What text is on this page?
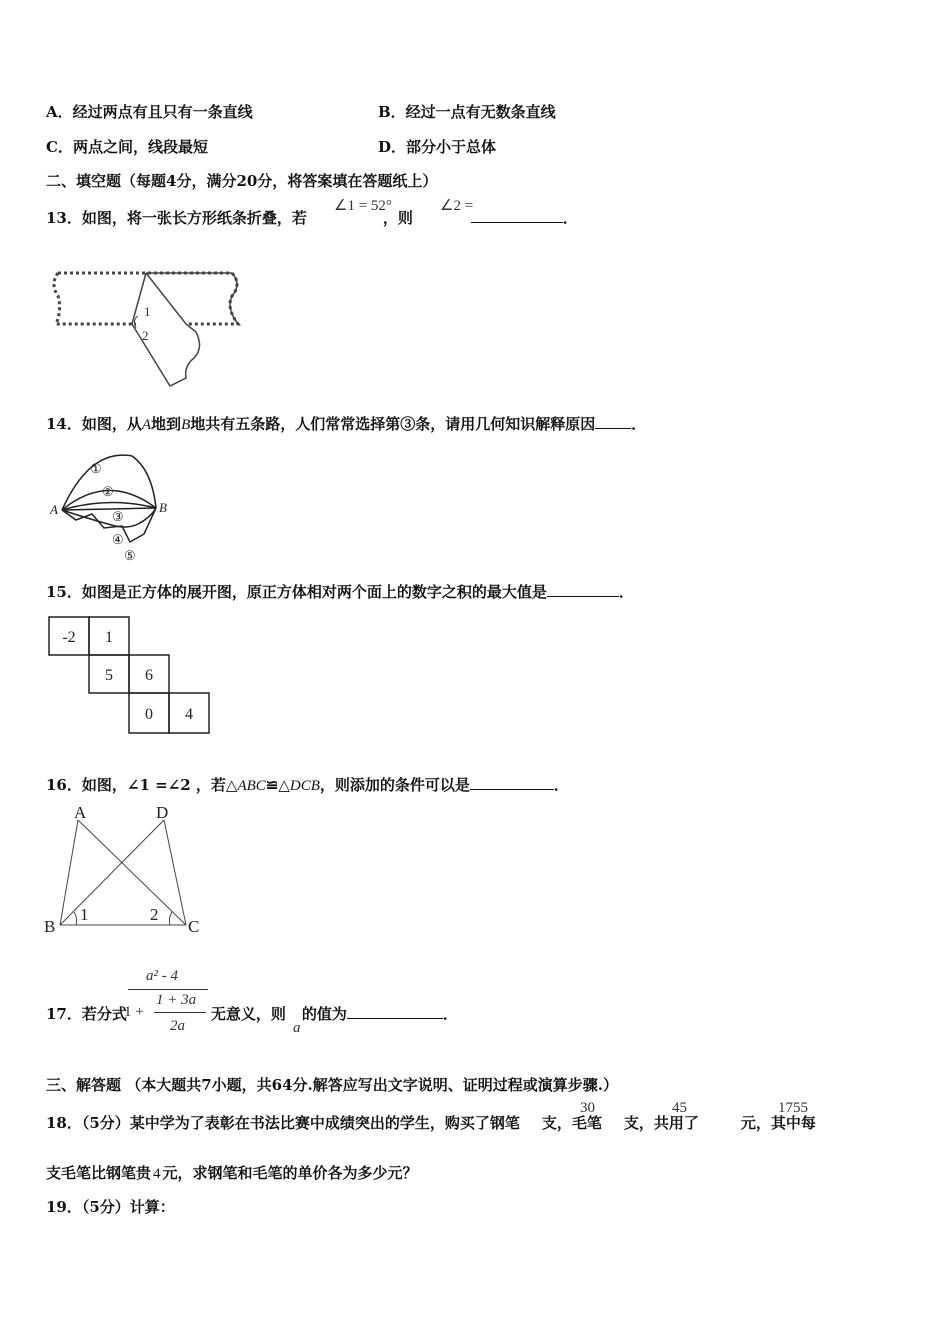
A．经过两点有且只有一条直线	B．经过一点有无数条直线
C．两点之间，线段最短	D．部分小于总体
二、填空题（每题4分，满分20分，将答案填在答题纸上）
13．如图，将一张长方形纸条折叠，若	，则	．
∠1 = 52°	∠2 =
1
2
14．如图，从A地到B地共有五条路，人们常常选择第③条，请用几何知识解释原因 ．
A	B
①
②
③
④
⑤
15．如图是正方体的展开图，原正方体相对两个面上的数字之积的最大值是	．
-2 1
5 6
0 4
16．如图，∠1 =∠2 ，若△ABC≌△DCB，则添加的条件可以是	．
A	D
B	C
1	2
17．若分式	无意义，则 的值为	．
a² - 4
1 +
1 + 3a
2a	a
三、解答题 （本大题共7小题，共64分.解答应写出文字说明、证明过程或演算步骤.）
18．（5分）某中学为了表彰在书法比赛中成绩突出的学生，购买了钢笔 支，毛笔 支，共用了	元，其中每
30	45	1755
支毛笔比钢笔贵 4 元，求钢笔和毛笔的单价各为多少元？
19．（5分）计算：
